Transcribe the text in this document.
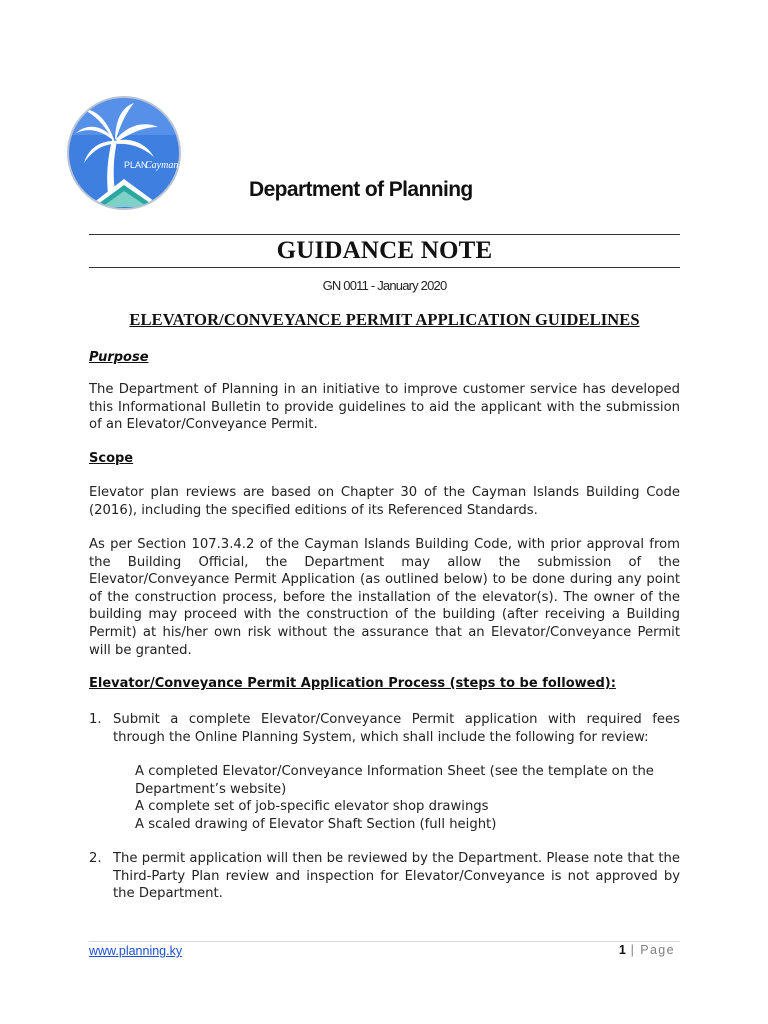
PLAN
Cayman
Department of Planning
GUIDANCE NOTE
GN 0011 - January 2020
ELEVATOR/CONVEYANCE PERMIT APPLICATION GUIDELINES
Purpose
The Department of Planning in an initiative to improve customer service has developed this Informational Bulletin to provide guidelines to aid the applicant with the submission of an Elevator/Conveyance Permit.
Scope
Elevator plan reviews are based on Chapter 30 of the Cayman Islands Building Code (2016), including the specified editions of its Referenced Standards.
As per Section 107.3.4.2 of the Cayman Islands Building Code, with prior approval from the Building Official, the Department may allow the submission of the Elevator/Conveyance Permit Application (as outlined below) to be done during any point of the construction process, before the installation of the elevator(s). The owner of the building may proceed with the construction of the building (after receiving a Building Permit) at his/her own risk without the assurance that an Elevator/Conveyance Permit will be granted.
Elevator/Conveyance Permit Application Process (steps to be followed):
1. Submit a complete Elevator/Conveyance Permit application with required fees through the Online Planning System, which shall include the following for review:
A completed Elevator/Conveyance Information Sheet (see the template on the Department’s website)
A complete set of job-specific elevator shop drawings
A scaled drawing of Elevator Shaft Section (full height)
2. The permit application will then be reviewed by the Department. Please note that the Third-Party Plan review and inspection for Elevator/Conveyance is not approved by the Department.
www.planning.ky	1 | Page
